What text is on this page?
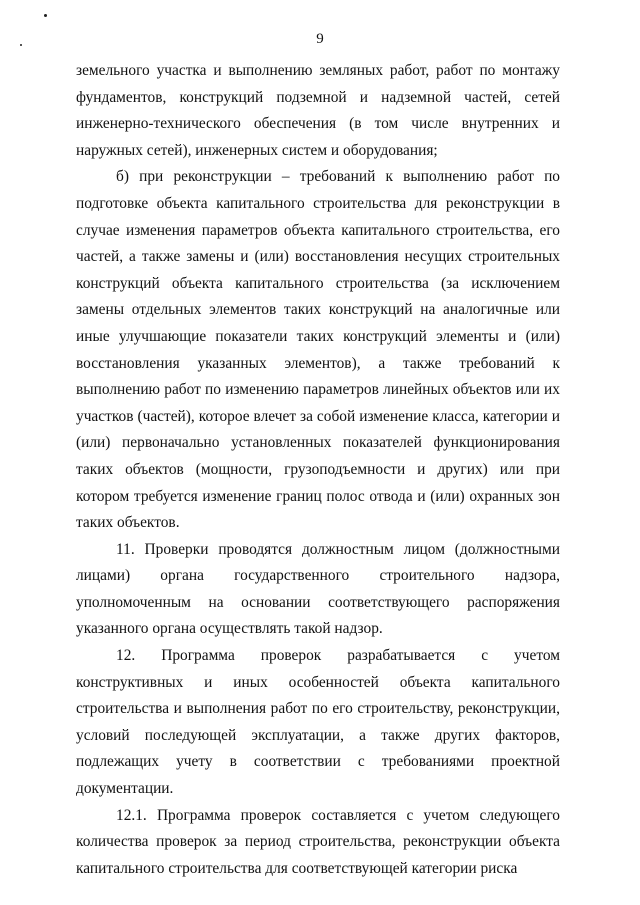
9

земельного участка и выполнению земляных работ, работ по монтажу фундаментов, конструкций подземной и надземной частей, сетей инженерно-технического обеспечения (в том числе внутренних и наружных сетей), инженерных систем и оборудования;

б) при реконструкции – требований к выполнению работ по подготовке объекта капитального строительства для реконструкции в случае изменения параметров объекта капитального строительства, его частей, а также замены и (или) восстановления несущих строительных конструкций объекта капитального строительства (за исключением замены отдельных элементов таких конструкций на аналогичные или иные улучшающие показатели таких конструкций элементы и (или) восстановления указанных элементов), а также требований к выполнению работ по изменению параметров линейных объектов или их участков (частей), которое влечет за собой изменение класса, категории и (или) первоначально установленных показателей функционирования таких объектов (мощности, грузоподъемности и других) или при котором требуется изменение границ полос отвода и (или) охранных зон таких объектов.

11. Проверки проводятся должностным лицом (должностными лицами) органа государственного строительного надзора, уполномоченным на основании соответствующего распоряжения указанного органа осуществлять такой надзор.

12. Программа проверок разрабатывается с учетом конструктивных и иных особенностей объекта капитального строительства и выполнения работ по его строительству, реконструкции, условий последующей эксплуатации, а также других факторов, подлежащих учету в соответствии с требованиями проектной документации.

12.1. Программа проверок составляется с учетом следующего количества проверок за период строительства, реконструкции объекта капитального строительства для соответствующей категории риска
